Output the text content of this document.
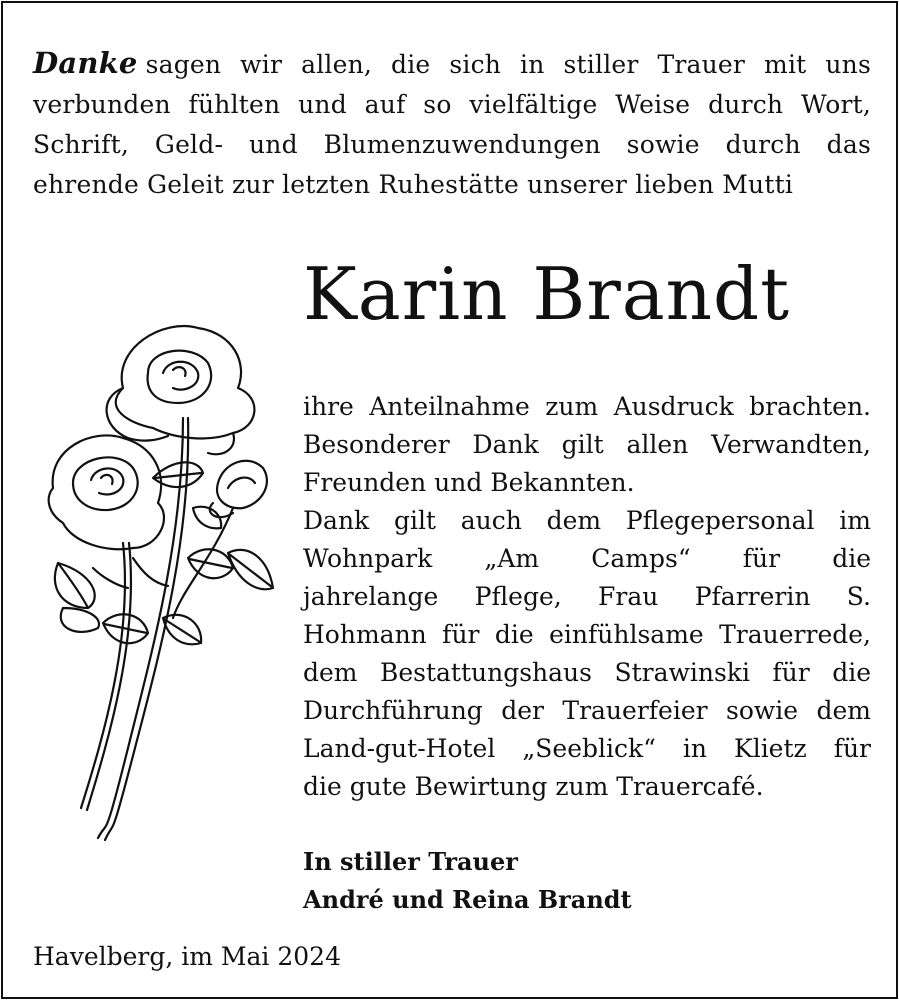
Danke sagen wir allen, die sich in stiller Trauer mit uns
verbunden fühlten und auf so vielfältige Weise durch Wort,
Schrift, Geld- und Blumenzuwendungen sowie durch das
ehrende Geleit zur letzten Ruhestätte unserer lieben Mutti
Karin Brandt
ihre Anteilnahme zum Ausdruck brachten.
Besonderer Dank gilt allen Verwandten,
Freunden und Bekannten.
Dank gilt auch dem Pflegepersonal im
Wohnpark „Am Camps“ für die
jahrelange Pflege, Frau Pfarrerin S.
Hohmann für die einfühlsame Trauerrede,
dem Bestattungshaus Strawinski für die
Durchführung der Trauerfeier sowie dem
Land-gut-Hotel „Seeblick“ in Klietz für
die gute Bewirtung zum Trauercafé.
In stiller Trauer
André und Reina Brandt
Havelberg, im Mai 2024
